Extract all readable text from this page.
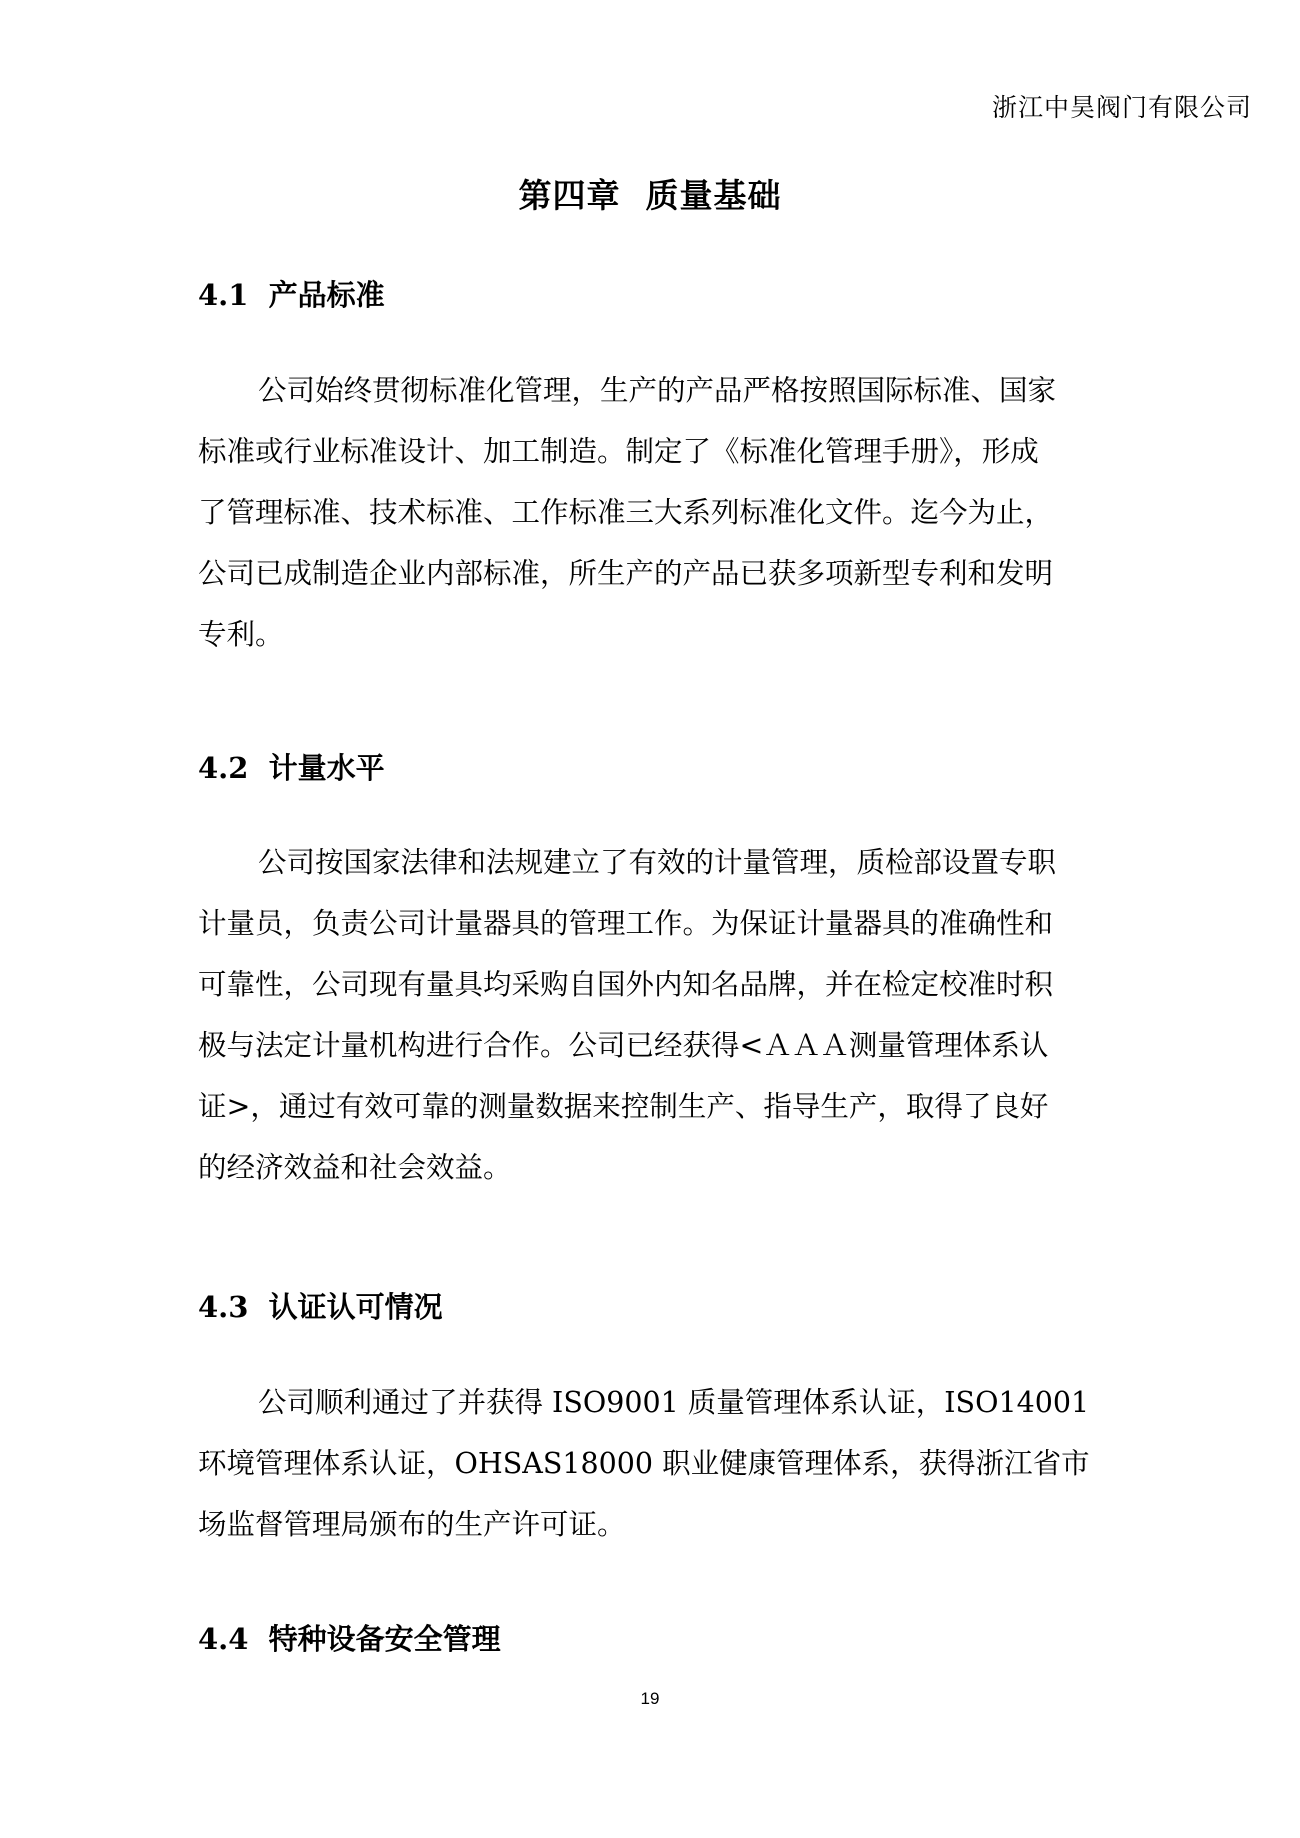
浙江中昊阀门有限公司
第四章  质量基础
4.1  产品标准
公司始终贯彻标准化管理，生产的产品严格按照国际标准、国家
标准或行业标准设计、加工制造。制定了《标准化管理手册》，形成
了管理标准、技术标准、工作标准三大系列标准化文件。迄今为止，
公司已成制造企业内部标准，所生产的产品已获多项新型专利和发明
专利。
4.2  计量水平
公司按国家法律和法规建立了有效的计量管理，质检部设置专职
计量员，负责公司计量器具的管理工作。为保证计量器具的准确性和
可靠性，公司现有量具均采购自国外内知名品牌，并在检定校准时积
极与法定计量机构进行合作。公司已经获得<ＡＡＡ测量管理体系认
证>，通过有效可靠的测量数据来控制生产、指导生产，取得了良好
的经济效益和社会效益。
4.3  认证认可情况
公司顺利通过了并获得 ISO9001 质量管理体系认证，ISO14001
环境管理体系认证，OHSAS18000 职业健康管理体系，获得浙江省市
场监督管理局颁布的生产许可证。
4.4  特种设备安全管理
19
